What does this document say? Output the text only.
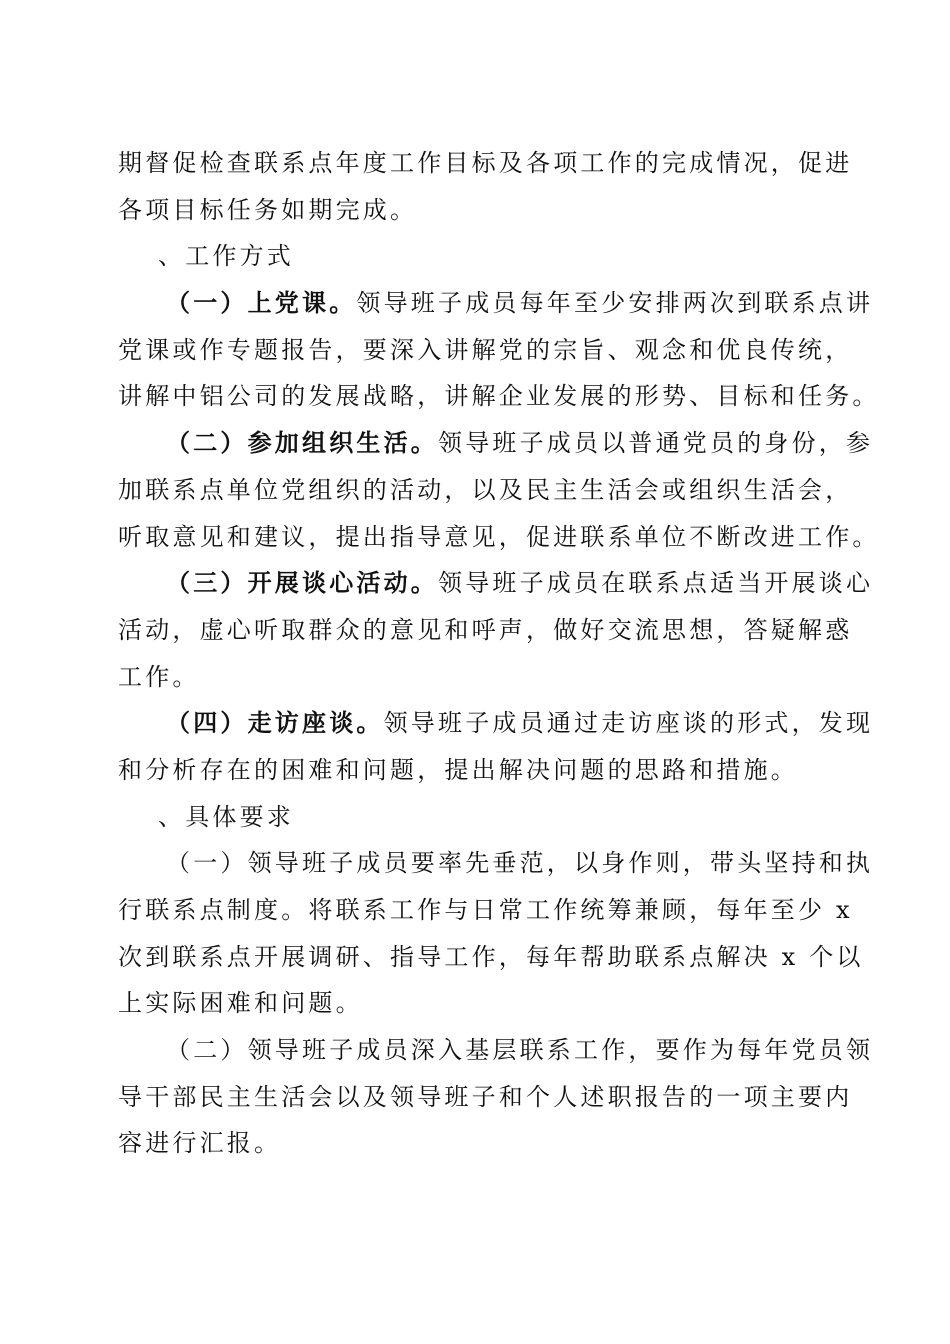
期督促检查联系点年度工作目标及各项工作的完成情况，促进
各项目标任务如期完成。
、工作方式
（一）上党课。领导班子成员每年至少安排两次到联系点讲
党课或作专题报告，要深入讲解党的宗旨、观念和优良传统，
讲解中铝公司的发展战略，讲解企业发展的形势、目标和任务。
（二）参加组织生活。领导班子成员以普通党员的身份，参
加联系点单位党组织的活动，以及民主生活会或组织生活会，
听取意见和建议，提出指导意见，促进联系单位不断改进工作。
（三）开展谈心活动。领导班子成员在联系点适当开展谈心
活动，虚心听取群众的意见和呼声，做好交流思想，答疑解惑
工作。
（四）走访座谈。领导班子成员通过走访座谈的形式，发现
和分析存在的困难和问题，提出解决问题的思路和措施。
、具体要求
（一）领导班子成员要率先垂范，以身作则，带头坚持和执
行联系点制度。将联系工作与日常工作统筹兼顾，每年至少 x
次到联系点开展调研、指导工作，每年帮助联系点解决 x 个以
上实际困难和问题。
（二）领导班子成员深入基层联系工作，要作为每年党员领
导干部民主生活会以及领导班子和个人述职报告的一项主要内
容进行汇报。
